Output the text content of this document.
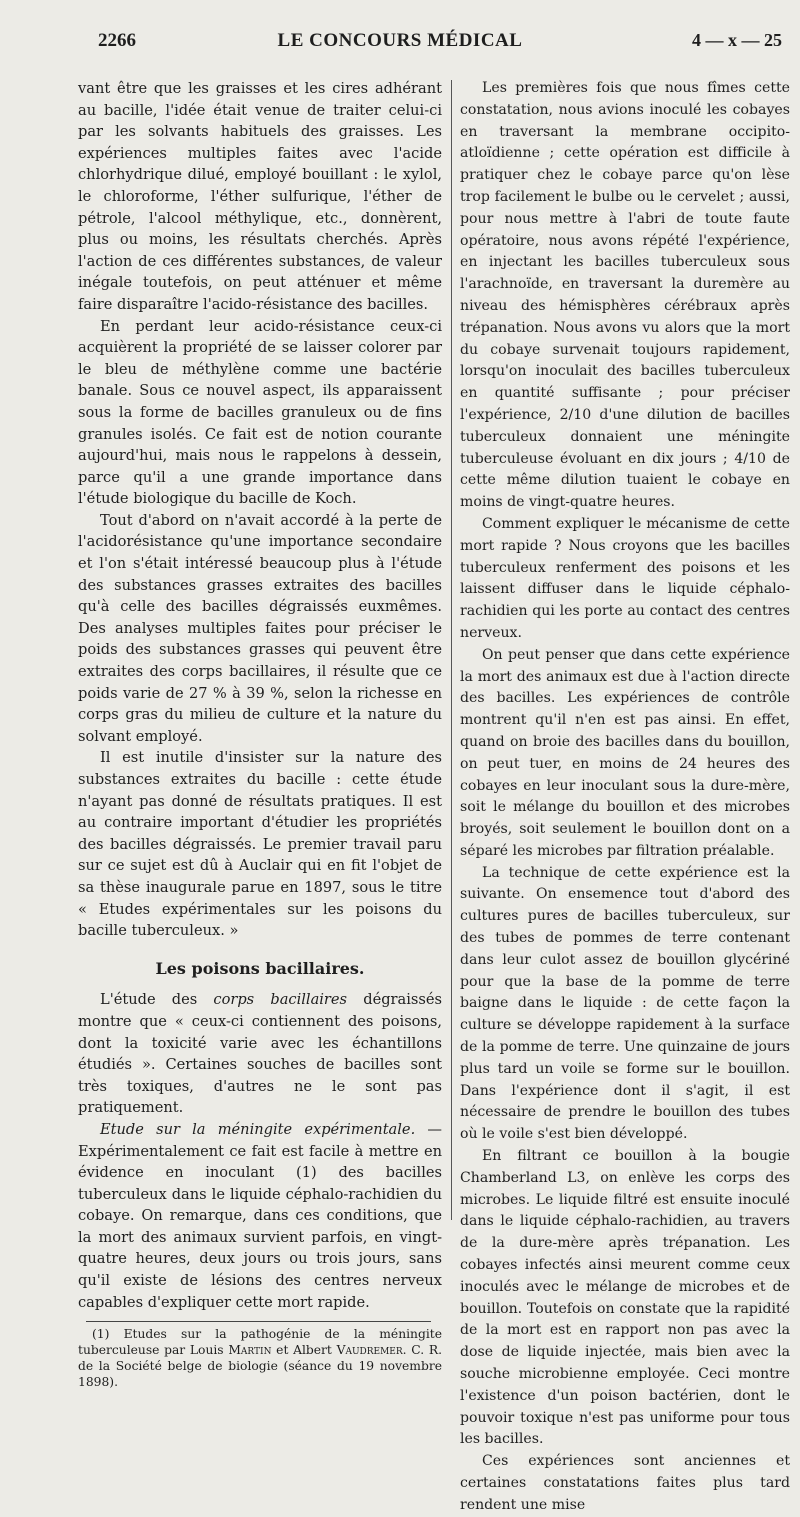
2266	LE CONCOURS MÉDICAL	4 — x — 25

vant être que les graisses et les cires adhérant au bacille, l'idée était venue de traiter celui-ci par les solvants habituels des graisses. Les expériences multiples faites avec l'acide chlorhydrique dilué, employé bouillant : le xylol, le chloroforme, l'éther sulfurique, l'éther de pétrole, l'alcool méthylique, etc., donnèrent, plus ou moins, les résultats cherchés. Après l'action de ces différentes substances, de valeur inégale toutefois, on peut atténuer et même faire disparaître l'acido-résistance des bacilles.

En perdant leur acido-résistance ceux-ci acquièrent la propriété de se laisser colorer par le bleu de méthylène comme une bactérie banale. Sous ce nouvel aspect, ils apparaissent sous la forme de bacilles granuleux ou de fins granules isolés. Ce fait est de notion courante aujourd'hui, mais nous le rappelons à dessein, parce qu'il a une grande importance dans l'étude biologique du bacille de Koch.

Tout d'abord on n'avait accordé à la perte de l'acidorésistance qu'une importance secondaire et l'on s'était intéressé beaucoup plus à l'étude des substances grasses extraites des bacilles qu'à celle des bacilles dégraissés euxmêmes. Des analyses multiples faites pour préciser le poids des substances grasses qui peuvent être extraites des corps bacillaires, il résulte que ce poids varie de 27 % à 39 %, selon la richesse en corps gras du milieu de culture et la nature du solvant employé.

Il est inutile d'insister sur la nature des substances extraites du bacille : cette étude n'ayant pas donné de résultats pratiques. Il est au contraire important d'étudier les propriétés des bacilles dégraissés. Le premier travail paru sur ce sujet est dû à Auclair qui en fit l'objet de sa thèse inaugurale parue en 1897, sous le titre « Etudes expérimentales sur les poisons du bacille tuberculeux. »

Les poisons bacillaires.

L'étude des corps bacillaires dégraissés montre que « ceux-ci contiennent des poisons, dont la toxicité varie avec les échantillons étudiés ». Certaines souches de bacilles sont très toxiques, d'autres ne le sont pas pratiquement.

Etude sur la méningite expérimentale. — Expérimentalement ce fait est facile à mettre en évidence en inoculant (1) des bacilles tuberculeux dans le liquide céphalo-rachidien du cobaye. On remarque, dans ces conditions, que la mort des animaux survient parfois, en vingt-quatre heures, deux jours ou trois jours, sans qu'il existe de lésions des centres nerveux capables d'expliquer cette mort rapide.

(1) Etudes sur la pathogénie de la méningite tuberculeuse par Louis Martin et Albert Vaudremer. C. R. de la Société belge de biologie (séance du 19 novembre 1898).

Les premières fois que nous fîmes cette constatation, nous avions inoculé les cobayes en traversant la membrane occipito-atloïdienne ; cette opération est difficile à pratiquer chez le cobaye parce qu'on lèse trop facilement le bulbe ou le cervelet ; aussi, pour nous mettre à l'abri de toute faute opératoire, nous avons répété l'expérience, en injectant les bacilles tuberculeux sous l'arachnoïde, en traversant la duremère au niveau des hémisphères cérébraux après trépanation. Nous avons vu alors que la mort du cobaye survenait toujours rapidement, lorsqu'on inoculait des bacilles tuberculeux en quantité suffisante ; pour préciser l'expérience, 2/10 d'une dilution de bacilles tuberculeux donnaient une méningite tuberculeuse évoluant en dix jours ; 4/10 de cette même dilution tuaient le cobaye en moins de vingt-quatre heures.

Comment expliquer le mécanisme de cette mort rapide ? Nous croyons que les bacilles tuberculeux renferment des poisons et les laissent diffuser dans le liquide céphalo-rachidien qui les porte au contact des centres nerveux.

On peut penser que dans cette expérience la mort des animaux est due à l'action directe des bacilles. Les expériences de contrôle montrent qu'il n'en est pas ainsi. En effet, quand on broie des bacilles dans du bouillon, on peut tuer, en moins de 24 heures des cobayes en leur inoculant sous la dure-mère, soit le mélange du bouillon et des microbes broyés, soit seulement le bouillon dont on a séparé les microbes par filtration préalable.

La technique de cette expérience est la suivante. On ensemence tout d'abord des cultures pures de bacilles tuberculeux, sur des tubes de pommes de terre contenant dans leur culot assez de bouillon glycériné pour que la base de la pomme de terre baigne dans le liquide : de cette façon la culture se développe rapidement à la surface de la pomme de terre. Une quinzaine de jours plus tard un voile se forme sur le bouillon. Dans l'expérience dont il s'agit, il est nécessaire de prendre le bouillon des tubes où le voile s'est bien développé.

En filtrant ce bouillon à la bougie Chamberland L3, on enlève les corps des microbes. Le liquide filtré est ensuite inoculé dans le liquide céphalo-rachidien, au travers de la dure-mère après trépanation. Les cobayes infectés ainsi meurent comme ceux inoculés avec le mélange de microbes et de bouillon. Toutefois on constate que la rapidité de la mort est en rapport non pas avec la dose de liquide injectée, mais bien avec la souche microbienne employée. Ceci montre l'existence d'un poison bactérien, dont le pouvoir toxique n'est pas uniforme pour tous les bacilles.

Ces expériences sont anciennes et certaines constatations faites plus tard rendent une mise
